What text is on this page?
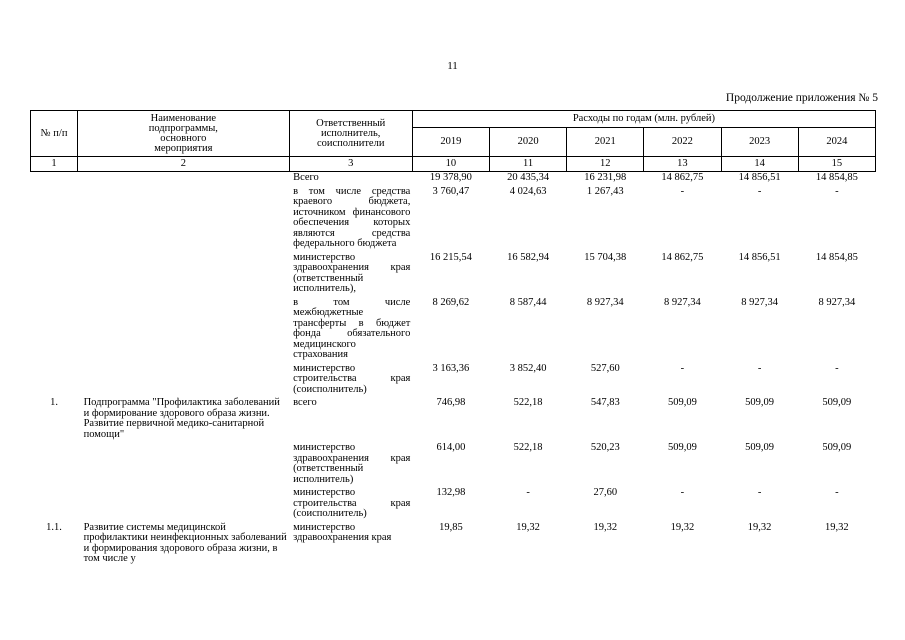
11
Продолжение приложения № 5
№ п/п	Наименование подпрограммы, основного мероприятия	Ответственный исполнитель, соисполнители	Расходы по годам (млн. рублей)					
			2019	2020	2021	2022	2023	2024
1	2	3	10	11	12	13	14	15
		Всего	19 378,90	20 435,34	16 231,98	14 862,75	14 856,51	14 854,85
		в том числе средства краевого бюджета, источником финансового обеспечения которых являются средства федерального бюджета	3 760,47	4 024,63	1 267,43	-	-	-
		министерство здравоохранения края (ответственный исполнитель),	16 215,54	16 582,94	15 704,38	14 862,75	14 856,51	14 854,85
		в том числе межбюджетные трансферты в бюджет фонда обязательного медицинского страхования	8 269,62	8 587,44	8 927,34	8 927,34	8 927,34	8 927,34
		министерство строительства края (соисполнитель)	3 163,36	3 852,40	527,60	-	-	-
1.	Подпрограмма "Профилактика заболеваний и формирование здорового образа жизни. Развитие первичной медико-санитарной помощи"	всего	746,98	522,18	547,83	509,09	509,09	509,09
		министерство здравоохранения края (ответственный исполнитель)	614,00	522,18	520,23	509,09	509,09	509,09
		министерство строительства края (соисполнитель)	132,98	-	27,60	-	-	-
1.1.	Развитие системы медицинской профилактики неинфекционных заболеваний и формирования здорового образа жизни, в том числе у	министерство здравоохранения края	19,85	19,32	19,32	19,32	19,32	19,32
